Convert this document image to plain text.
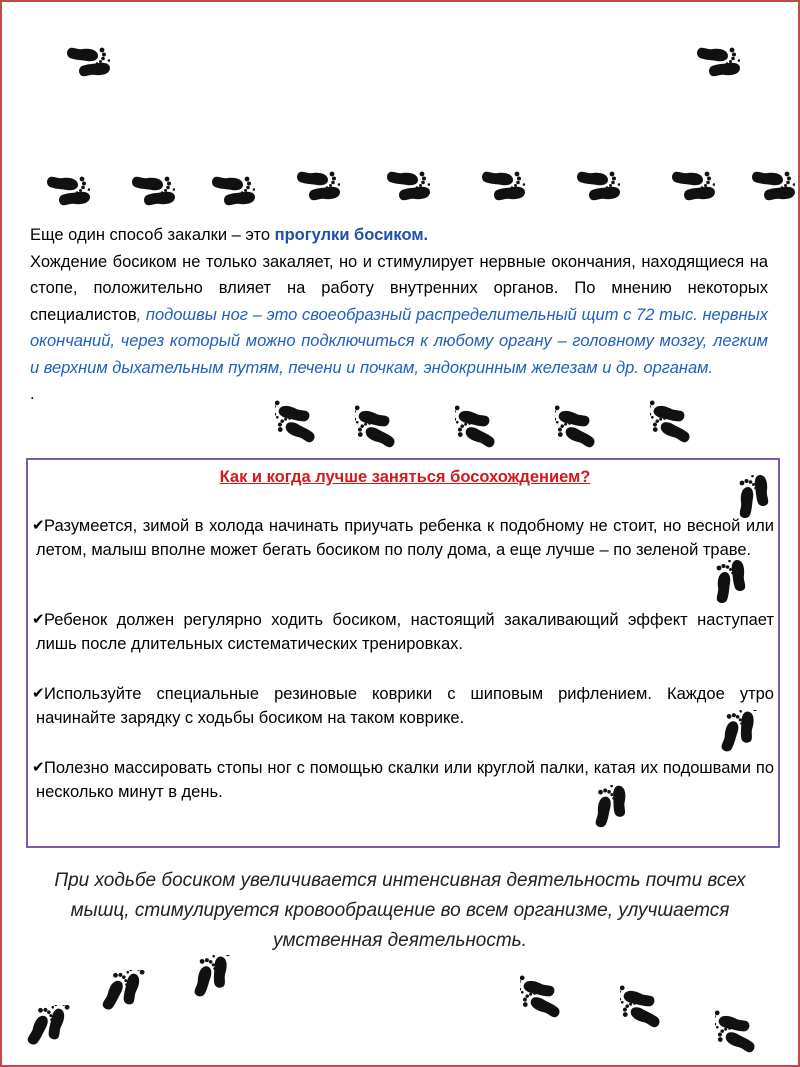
Еще один способ закалки – это прогулки босиком.

Хождение босиком не только закаляет, но и стимулирует нервные окончания, находящиеся на стопе, положительно влияет на работу внутренних органов. По мнению некоторых специалистов, подошвы ног – это своеобразный распределительный щит с 72 тыс. нервных окончаний, через который можно подключиться к любому органу – головному мозгу, легким и верхним дыхательным путям, печени и почкам, эндокринным железам и др. органам.

.

Как и когда лучше заняться босохождением?

✔ Разумеется, зимой в холода начинать приучать ребенка к подобному не стоит, но весной или летом, малыш вполне может бегать босиком по полу дома, а еще лучше – по зеленой траве.
✔ Ребенок должен регулярно ходить босиком, настоящий закаливающий эффект наступает лишь после длительных систематических тренировках.
✔ Используйте специальные резиновые коврики с шиповым рифлением. Каждое утро начинайте зарядку с ходьбы босиком на таком коврике.
✔ Полезно массировать стопы ног с помощью скалки или круглой палки, катая их подошвами по несколько минут в день.

При ходьбе босиком увеличивается интенсивная деятельность почти всех мышц, стимулируется кровообращение во всем организме, улучшается умственная деятельность.
